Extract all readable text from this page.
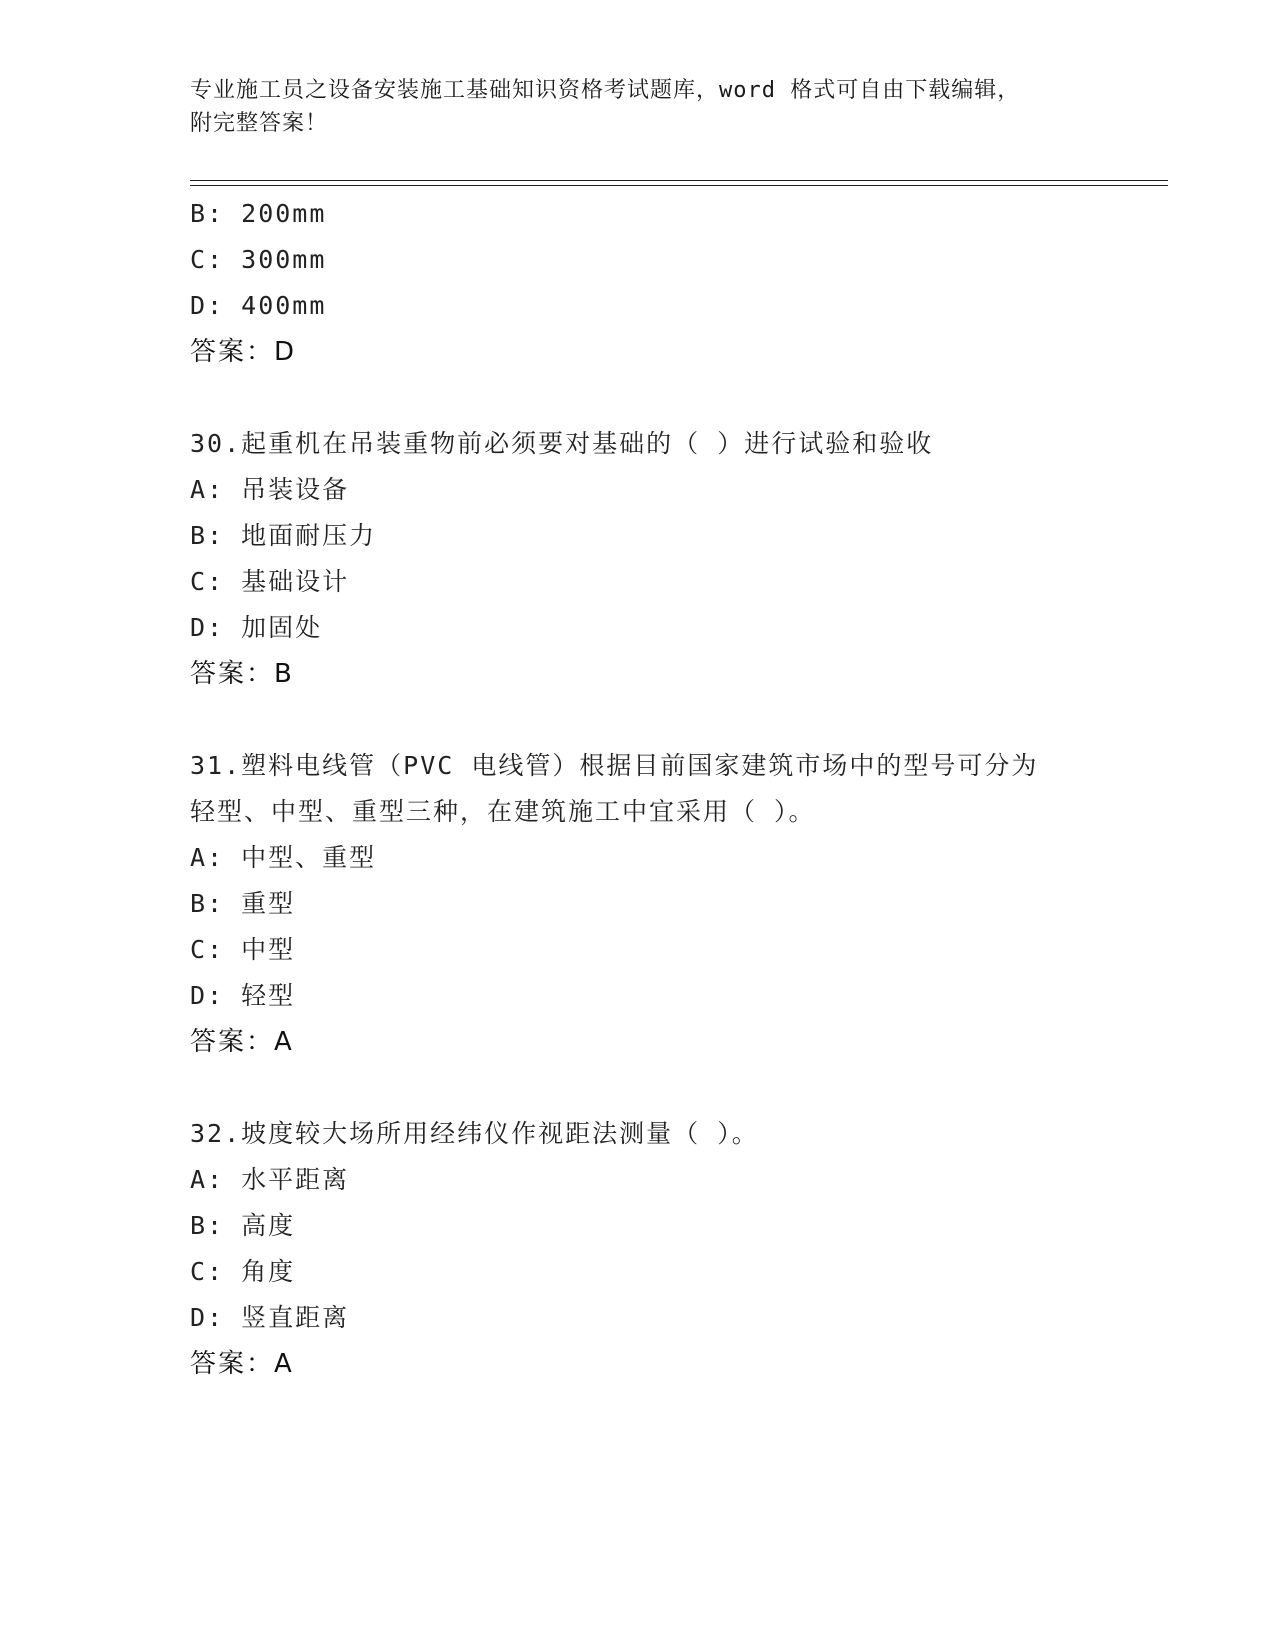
专业施工员之设备安装施工基础知识资格考试题库，word 格式可自由下载编辑，
附完整答案！
B: 200mm
C: 300mm
D: 400mm
答案：D
30.起重机在吊装重物前必须要对基础的（ ）进行试验和验收
A: 吊装设备
B: 地面耐压力
C: 基础设计
D: 加固处
答案：B
31.塑料电线管（PVC 电线管）根据目前国家建筑市场中的型号可分为
轻型、中型、重型三种，在建筑施工中宜采用（ ）。
A: 中型、重型
B: 重型
C: 中型
D: 轻型
答案：A
32.坡度较大场所用经纬仪作视距法测量（ ）。
A: 水平距离
B: 高度
C: 角度
D: 竖直距离
答案：A
